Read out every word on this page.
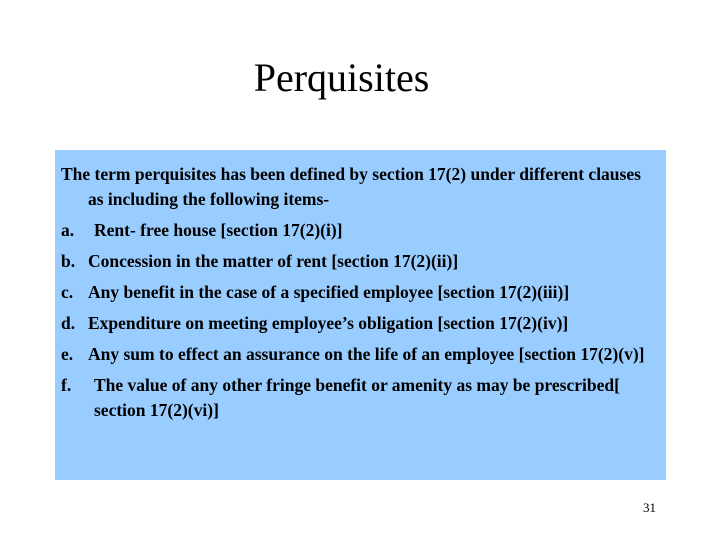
Perquisites

The term perquisites has been defined by section 17(2) under different clauses as including the following items-

a.	Rent- free house [section 17(2)(i)]
b. Concession in the matter of rent [section 17(2)(ii)]
c. Any benefit in the case of a specified employee [section 17(2)(iii)]
d. Expenditure on meeting employee’s obligation [section 17(2)(iv)]
e. Any sum to effect an assurance on the life of an employee [section 17(2)(v)]
f.	The value of any other fringe benefit or amenity as may be prescribed[ section 17(2)(vi)]
31
